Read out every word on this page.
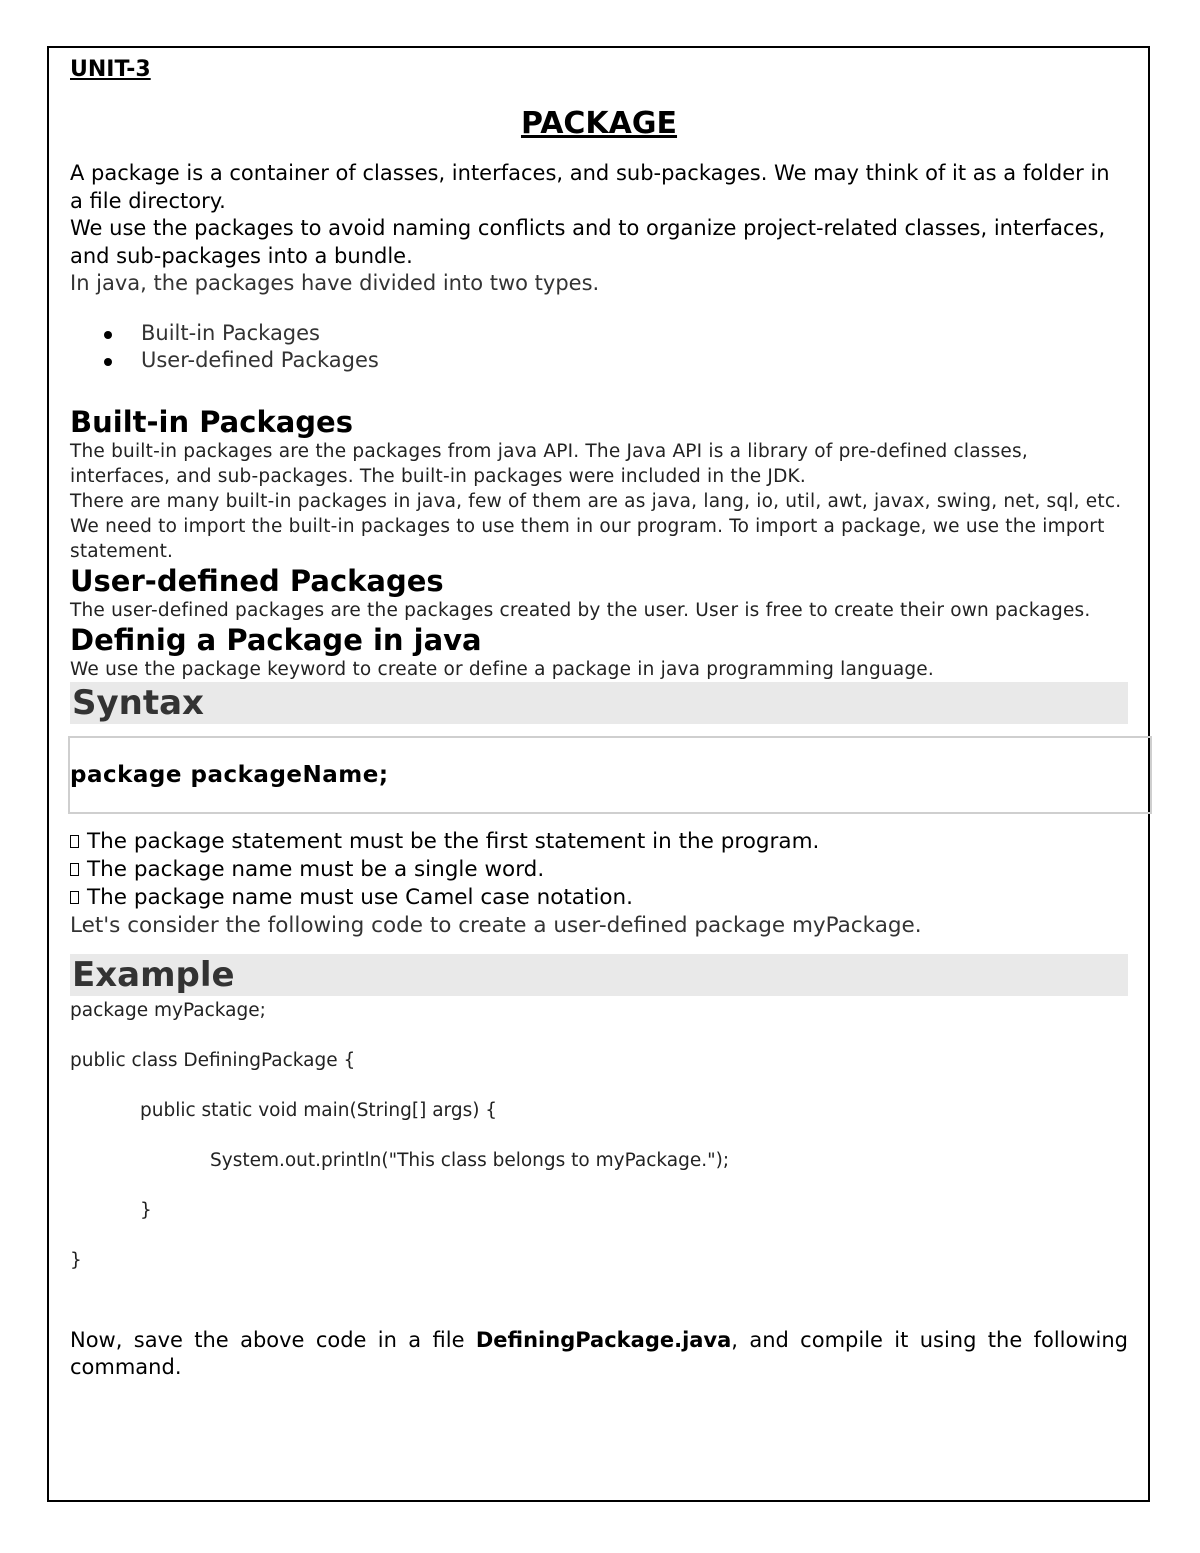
UNIT-3

PACKAGE

A package is a container of classes, interfaces, and sub-packages. We may think of it as a folder in a file directory.

We use the packages to avoid naming conflicts and to organize project-related classes, interfaces, and sub-packages into a bundle.

In java, the packages have divided into two types.

Built-in Packages
User-defined Packages
Built-in Packages

The built-in packages are the packages from java API. The Java API is a library of pre-defined classes, interfaces, and sub-packages. The built-in packages were included in the JDK.

There are many built-in packages in java, few of them are as java, lang, io, util, awt, javax, swing, net, sql, etc.

We need to import the built-in packages to use them in our program. To import a package, we use the import statement.

User-defined Packages

The user-defined packages are the packages created by the user. User is free to create their own packages.

Definig a Package in java

We use the package keyword to create or define a package in java programming language.

Syntax
package packageName;
The package statement must be the first statement in the program.
The package name must be a single word.
The package name must use Camel case notation.

Let's consider the following code to create a user-defined package myPackage.

Example
package myPackage;
public class DefiningPackage {
public static void main(String[] args) {
System.out.println("This class belongs to myPackage.");
}
}

Now, save the above code in a file DefiningPackage.java, and compile it using the following command.
